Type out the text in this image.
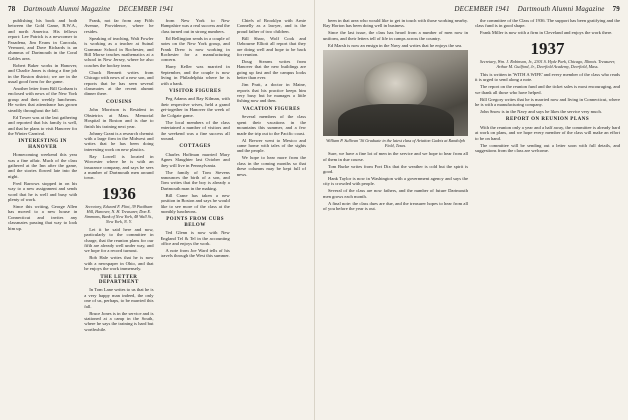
78 Dartmouth Alumni Magazine DECEMBER 1941

publishing his book and both between the Gold Game, B.W.A., and north America. His fellows report: Lee Patrick is a newcomer to Pasadena, Jim Evans in Carocala, Vermont, and Dave Richards is an alumnus of Dartmouth in the Coral Gables area.

Robert Baker works in Hanover, and Charlie Jones is doing a fine job in the Boston district; we are in the usual good form for the game.

Another letter from Bill Gorham is enclosed with news of the New York group and their weekly luncheons. He writes that attendance has grown steadily throughout the fall.

Ed Tower was at the last gathering and reported that his family is well, and that he plans to visit Hanover for the Winter Carnival.

INTERESTING IN HANOVER

Homecoming weekend this year was a fine affair. Much of the class gathered at the Inn after the game, and the stories flowed late into the night.

Fred Barrows stopped in on his way to a new assignment and sends word that he is well and busy with plenty of work.

Since this writing, George Allen has moved to a new house in Connecticut and invites any classmates passing that way to look him up.

Frank, not far from any Fifth Avenue, Providence, where he resides.

Speaking of teaching, Walt Fowler is working as a teacher at Suinal Grammar School in Rochester, and Bill Morse teaches mathematics at a school in New Jersey, where he also coaches the hockey team.

Chuck Bennett writes from Chicago with news of a new son, and reports that he has seen several classmates at the recent alumni dinner there.

COUSINS

John Morrison is Resident in Obstetrics at Mass. Memorial Hospital in Boston and is due to finish his training next year.

Johnny Grant is a research chemist with a large firm in the Midwest and writes that he has been doing interesting work on new plastics.

Ray Lowell is located in Worcester where he is with an insurance company, and says he sees a number of Dartmouth men around town.

1936
Secretary, Edward F. Flint, 39 Packham Hill, Hanover, N. H. Treasurer, Don E. Simmons, Bank of New York, 48 Wall St., New York, N. Y.

Let it be said here and now, particularly to the committee in charge, that the reunion plans for our fifth are already well under way, and we hope for a record turnout.

Bob Hale writes that he is now with a newspaper in Ohio, and that he enjoys the work immensely.

THE LETTER DEPARTMENT

In Tom Lane writes to us that he is a very happy man indeed, the only one of us, perhaps, to be married this fall.

Bruce Jones is in the service and is stationed at a camp in the South, where he says the training is hard but worthwhile.

from New York to New Hampshire was a real success and the class turned out in strong numbers.

Ed Bellington sends in a couple of notes on the New York group, and Frank Drew is now working in Rochester for a manufacturing concern.

Harry Keller was married in September, and the couple is now living in Philadelphia where he is with a bank.

VISITOR FIGURES

Peg Adams and Ray Kilman, with their respective wives, held a grand get-together in Hanover the week of the Colgate game.

The local members of the class entertained a number of visitors and the weekend was a fine success all around.

COTTAGES

Charles Hoffman married Mary Agnes Slaughter last October and they will live in Pennsylvania.

The family of Tom Stevens announces the birth of a son, and Tom writes that the boy is already a Dartmouth man in the making.

Bill Crane has taken a new position in Boston and says he would like to see more of the class at the monthly luncheons.

POINTS FROM CUBS BELOW

Ted Glenn is now with New England Tel & Tel in the accounting office and enjoys the work.

A note from Joe Ward tells of his travels through the West this summer.

Chiefs of Brooklyn with Arnie Connelly as a lawyer, and is the proud father of two children.

Bill Shaw, Wolf Cook and Ozbourne Elliott all report that they are doing well and hope to be back for reunion.

Doug Stearns writes from Hanover that the new buildings are going up fast and the campus looks better than ever.

Jim Pratt, a doctor in Maine, reports that his practice keeps him very busy but he manages a little fishing now and then.

VACATION FIGURES

Several members of the class spent their vacations in the mountains this summer, and a few made the trip out to the Pacific coast.

Al Brewer went to Mexico and came home with tales of the sights and the people.

We hope to hear more from the class in the coming months so that these columns may be kept full of news.

DECEMBER 1941 Dartmouth Alumni Magazine 79

been in that area who would like to get in touch with those working nearby. Ray Horton has been doing well in business.

Since the last issue, the class has heard from a number of men now in uniform, and their letters tell of life in camps across the country.

Ed Marsh is now an ensign in the Navy and writes that he enjoys the sea.

William P. Sullivan '36 Graduate in the latest class of Aviation Cadets at Randolph Field, Texas.

Sure, we have a fine lot of men in the service and we hope to hear from all of them in due course.

Tom Burke writes from Fort Dix that the weather is cold but the spirit is good.

Hank Taylor is now in Washington with a government agency and says the city is crowded with people.

Several of the class are now fathers, and the number of future Dartmouth men grows each month.

A final note: the class dues are due, and the treasurer hopes to hear from all of you before the year is out.

the committee of the Class of 1936. The support has been gratifying and the class fund is in good shape.

Frank Miller is now with a firm in Cleveland and enjoys the work there.

1937
Secretary, Wm. J. Robinson, Jr., 2301 S. Hyde Park, Chicago, Illinois. Treasurer, Arthur M. Guilford, Jr., Deerfield Academy, Deerfield, Mass.

This is written in 'WITH A WIFE' and every member of the class who reads it is urged to send along a note.

The report on the reunion fund and the ticket sales is most encouraging, and we thank all those who have helped.

Bill Gregory writes that he is married now and living in Connecticut, where he is with a manufacturing company.

John Snow is in the Navy and says he likes the service very much.

REPORT ON REUNION PLANS

With the reunion only a year and a half away, the committee is already hard at work on plans, and we hope every member of the class will make an effort to be on hand.

The committee will be sending out a letter soon with full details, and suggestions from the class are welcome.
